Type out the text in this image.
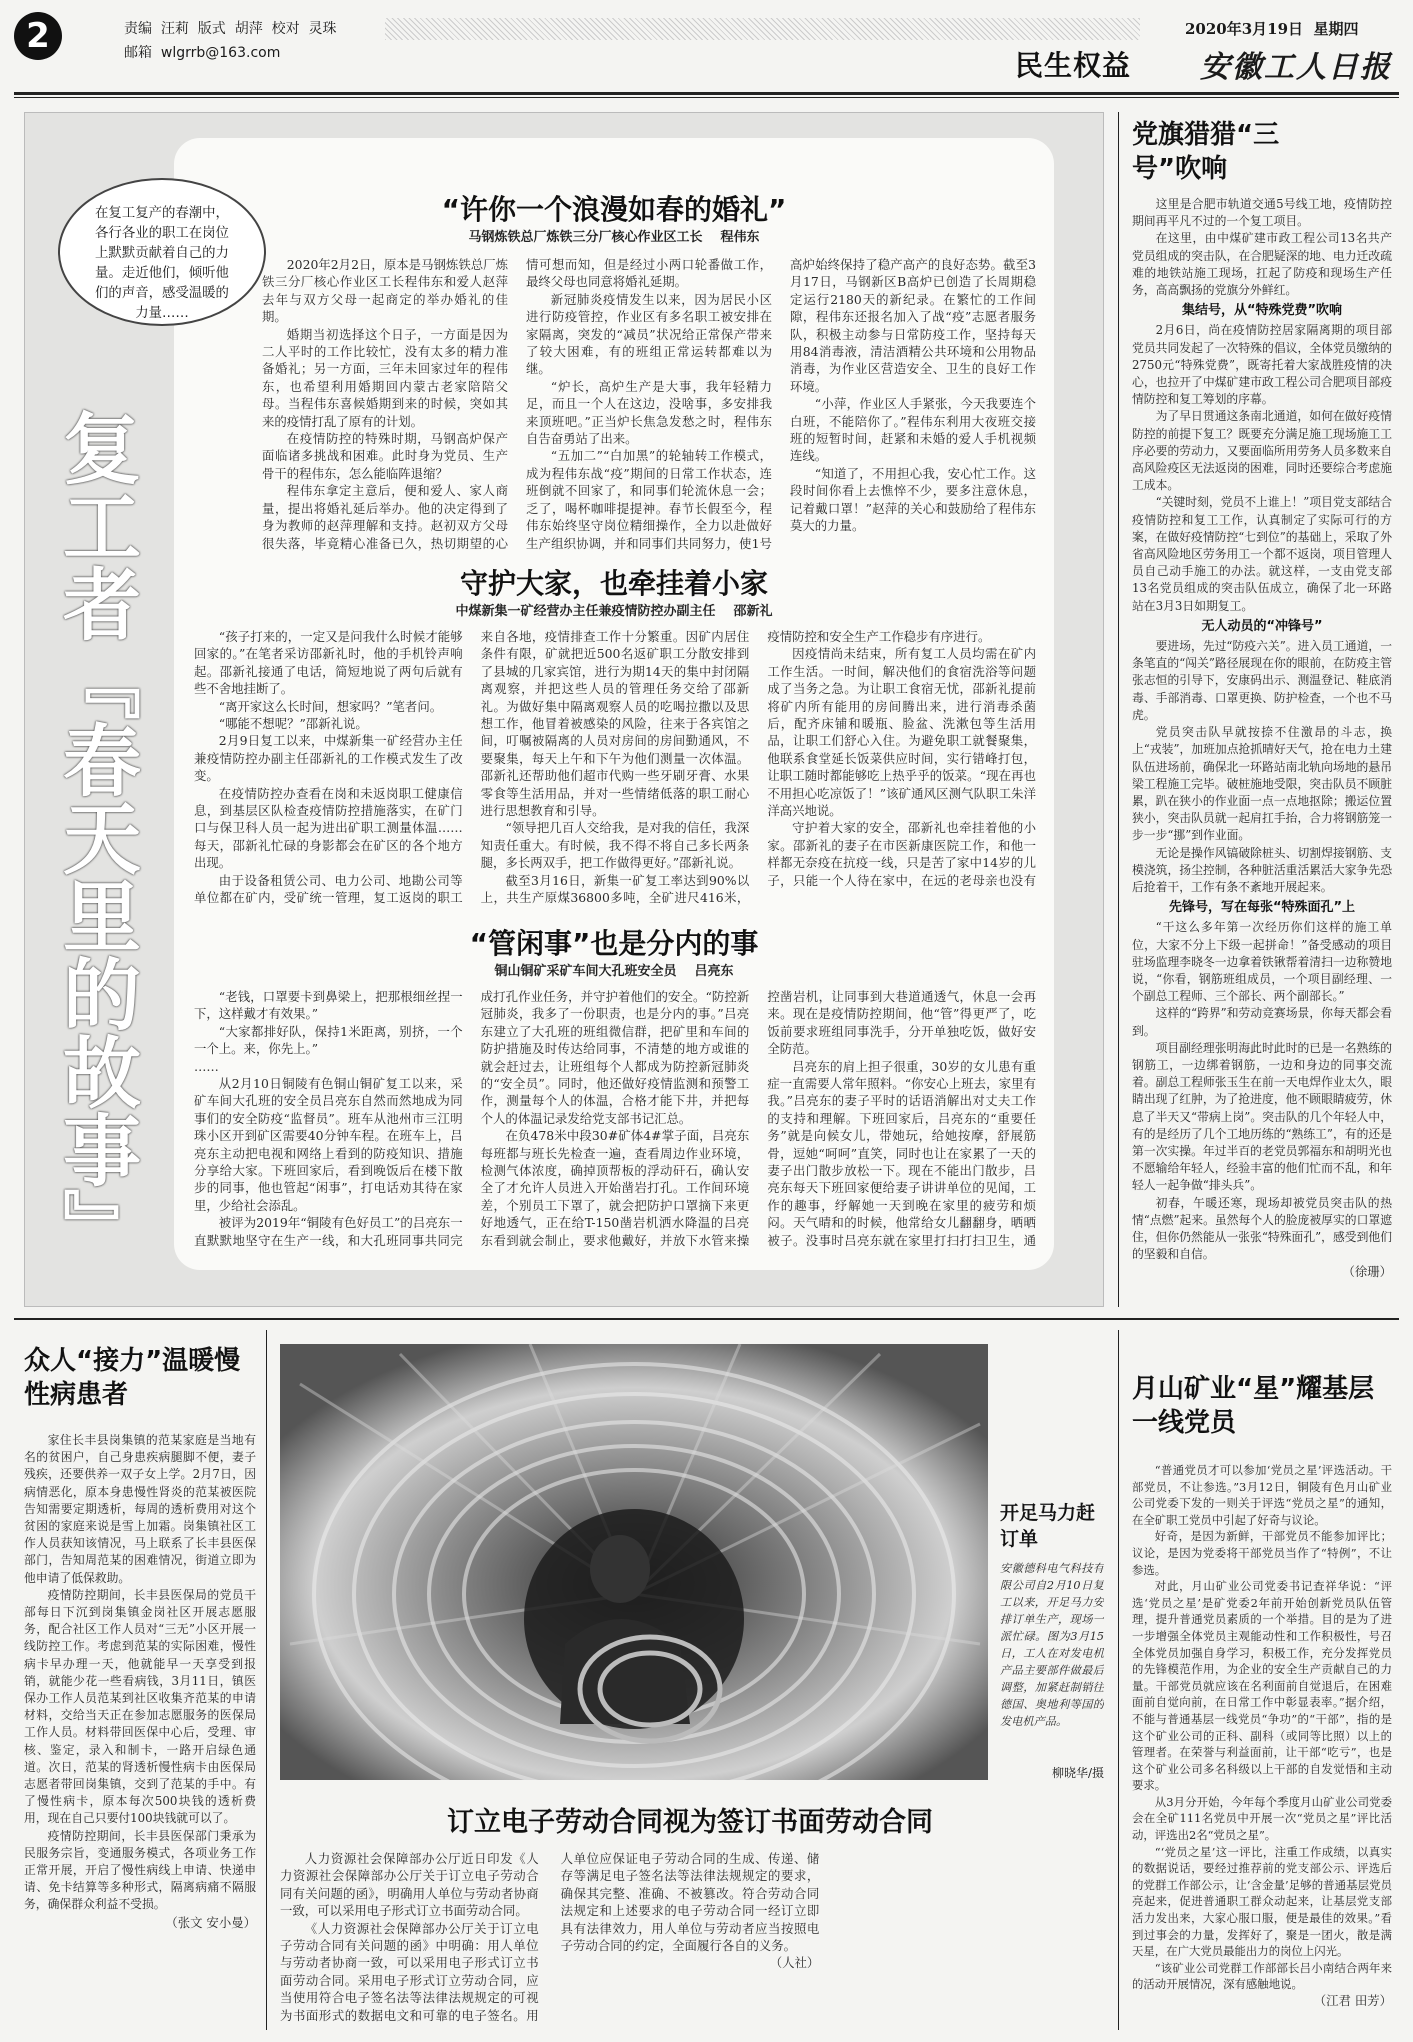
2	责编  汪莉  版式  胡萍  校对  灵珠
邮箱  wlgrrb@163.com
2020年3月19日  星期四
民生权益 安徽工人日报
在复工复产的春潮中，各行各业的职工在岗位上默默贡献着自己的力量。走近他们，倾听他们的声音，感受温暖的力量……
复工者『春天里的故事』
“许你一个浪漫如春的婚礼”
马钢炼铁总厂炼铁三分厂核心作业区工长    程伟东

2020年2月2日，原本是马钢炼铁总厂炼铁三分厂核心作业区工长程伟东和爱人赵萍去年与双方父母一起商定的举办婚礼的佳期。

婚期当初选择这个日子，一方面是因为二人平时的工作比较忙，没有太多的精力准备婚礼；另一方面，三年未回家过年的程伟东，也希望利用婚期回内蒙古老家陪陪父母。当程伟东喜候婚期到来的时候，突如其来的疫情打乱了原有的计划。

在疫情防控的特殊时期，马钢高炉保产面临诸多挑战和困难。此时身为党员、生产骨干的程伟东，怎么能临阵退缩？

程伟东拿定主意后，便和爱人、家人商量，提出将婚礼延后举办。他的决定得到了身为教师的赵萍理解和支持。赵初双方父母很失落，毕竟精心准备已久，热切期望的心情可想而知，但是经过小两口轮番做工作，最终父母也同意将婚礼延期。

新冠肺炎疫情发生以来，因为居民小区进行防疫管控，作业区有多名职工被安排在家隔离，突发的“减员”状况给正常保产带来了较大困难，有的班组正常运转都难以为继。

“炉长，高炉生产是大事，我年轻精力足，而且一个人在这边，没啥事，多安排我来顶班吧。”正当炉长焦急发愁之时，程伟东自告奋勇站了出来。

“五加二”“白加黑”的轮轴转工作模式，成为程伟东战“疫”期间的日常工作状态，连班倒就不回家了，和同事们轮流休息一会；乏了，喝杯咖啡提提神。春节长假至今，程伟东始终坚守岗位精细操作，全力以赴做好生产组织协调，并和同事们共同努力，使1号高炉始终保持了稳产高产的良好态势。截至3月17日，马钢新区B高炉已创造了长周期稳定运行2180天的新纪录。在繁忙的工作间隙，程伟东还报名加入了战“疫”志愿者服务队，积极主动参与日常防疫工作，坚持每天用84消毒液，清洁酒精公共环境和公用物品消毒，为作业区营造安全、卫生的良好工作环境。

“小萍，作业区人手紧张，今天我要连个白班，不能陪你了。”程伟东利用大夜班交接班的短暂时间，赶紧和未婚的爱人手机视频连线。

“知道了，不用担心我，安心忙工作。这段时间你看上去憔悴不少，要多注意休息，记着戴口罩！”赵萍的关心和鼓励给了程伟东莫大的力量。

守护大家，也牵挂着小家
中煤新集一矿经营办主任兼疫情防控办副主任    邵新礼

“孩子打来的，一定又是问我什么时候才能够回家的。”在笔者采访邵新礼时，他的手机铃声响起。邵新礼接通了电话，简短地说了两句后就有些不舍地挂断了。

“离开家这么长时间，想家吗？”笔者问。

“哪能不想呢？”邵新礼说。

2月9日复工以来，中煤新集一矿经营办主任兼疫情防控办副主任邵新礼的工作模式发生了改变。

在疫情防控办查看在岗和未返岗职工健康信息，到基层区队检查疫情防控措施落实，在矿门口与保卫科人员一起为进出矿职工测量体温……每天，邵新礼忙碌的身影都会在矿区的各个地方出现。

由于设备租赁公司、电力公司、地勘公司等单位都在矿内，受矿统一管理，复工返岗的职工来自各地，疫情排查工作十分繁重。因矿内居住条件有限，矿就把近500名返矿职工分散安排到了县城的几家宾馆，进行为期14天的集中封闭隔离观察，并把这些人员的管理任务交给了邵新礼。为做好集中隔离观察人员的吃喝拉撒以及思想工作，他冒着被感染的风险，往来于各宾馆之间，叮嘱被隔离的人员对房间的房间勤通风，不要聚集，每天上午和下午为他们测量一次体温。邵新礼还帮助他们超市代购一些牙刷牙膏、水果零食等生活用品，并对一些情绪低落的职工耐心进行思想教育和引导。

“领导把几百人交给我，是对我的信任，我深知责任重大。有时候，我不得不将自己多长两条腿，多长两双手，把工作做得更好。”邵新礼说。

截至3月16日，新集一矿复工率达到90%以上，共生产原煤36800多吨，全矿进尺416米，疫情防控和安全生产工作稳步有序进行。

因疫情尚未结束，所有复工人员均需在矿内工作生活。一时间，解决他们的食宿洗浴等问题成了当务之急。为让职工食宿无忧，邵新礼提前将矿内所有能用的房间腾出来，进行消毒杀菌后，配齐床铺和暖瓶、脸盆、洗漱包等生活用品，让职工们舒心入住。为避免职工就餐聚集，他联系食堂延长饭菜供应时间，实行错峰打包，让职工随时都能够吃上热乎乎的饭菜。“现在再也不用担心吃凉饭了！”该矿通风区测气队职工朱洋洋高兴地说。

守护着大家的安全，邵新礼也牵挂着他的小家。邵新礼的妻子在市医新康医院工作，和他一样都无奈疫在抗疫一线，只是苦了家中14岁的儿子，只能一个人待在家中，在远的老母亲也没有

“管闲事”也是分内的事
铜山铜矿采矿车间大孔班安全员    吕亮东

“老钱，口罩要卡到鼻梁上，把那根细丝捏一下，这样戴才有效果。”

“大家都排好队，保持1米距离，别挤，一个一个上。来，你先上。”

……

从2月10日铜陵有色铜山铜矿复工以来，采矿车间大孔班的安全员吕亮东自然而然地成为同事们的安全防疫“监督员”。班车从池州市三江明珠小区开到矿区需要40分钟车程。在班车上，吕亮东主动把电视和网络上看到的防疫知识、措施分享给大家。下班回家后，看到晚饭后在楼下散步的同事，他也管起“闲事”，打电话劝其待在家里，少给社会添乱。

被评为2019年“铜陵有色好员工”的吕亮东一直默默地坚守在生产一线，和大孔班同事共同完成打孔作业任务，并守护着他们的安全。“防控新冠肺炎，我多了一份职责，也是分内的事。”吕亮东建立了大孔班的班组微信群，把矿里和车间的防护措施及时传达给同事，不清楚的地方或谁的就会赶过去，让班组每个人都成为防控新冠肺炎的“安全员”。同时，他还做好疫情监测和预警工作，测量每个人的体温，合格才能下井，并把每个人的体温记录发给党支部书记汇总。

在负478米中段30#矿体4#掌子面，吕亮东每班都与班长先检查一遍，查看周边作业环境，检测气体浓度，确掉顶帮板的浮动矸石，确认安全了才允许人员进入开始凿岩打孔。工作间环境差，个别员工下罩了，就会把防护口罩摘下来更好地透气，正在给T-150凿岩机洒水降温的吕亮东看到就会制止，要求他戴好，并放下水管来操控凿岩机，让同事到大巷道通透气，休息一会再来。现在是疫情防控期间，他“管”得更严了，吃饭前要求班组同事洗手，分开单独吃饭，做好安全防范。

吕亮东的肩上担子很重，30岁的女儿患有重症一直需要人常年照料。“你安心上班去，家里有我。”吕亮东的妻子平时的话语消解出对丈夫工作的支持和理解。下班回家后，吕亮东的“重要任务”就是向候女儿，带她玩，给她按摩，舒展筋骨，逗她“呵呵”直笑，同时也让在家累了一天的妻子出门散步放松一下。现在不能出门散步，吕亮东每天下班回家便给妻子讲讲单位的见闻，工作的趣事，纾解她一天到晚在家里的疲劳和烦闷。天气晴和的时候，他常给女儿翻翻身，晒晒被子。没事时吕亮东就在家里打扫打扫卫生，通

党旗猎猎“三号”吹响

这里是合肥市轨道交通5号线工地，疫情防控期间再平凡不过的一个复工项目。

在这里，由中煤矿建市政工程公司13名共产党员组成的突击队，在合肥疑深的地、电力迁改疏难的地铁站施工现场，扛起了防疫和现场生产任务，高高飘扬的党旗分外鲜红。

集结号，从“特殊党费”吹响

2月6日，尚在疫情防控居家隔离期的项目部党员共同发起了一次特殊的倡议，全体党员缴纳的2750元“特殊党费”，既寄托着大家战胜疫情的决心，也拉开了中煤矿建市政工程公司合肥项目部疫情防控和复工筹划的序幕。

为了早日贯通这条南北通道，如何在做好疫情防控的前提下复工？既要充分满足施工现场施工工序必要的劳动力，又要面临所用劳务人员多数来自高风险疫区无法返岗的困难，同时还要综合考虑施工成本。

“关键时刻，党员不上谁上！”项目党支部结合疫情防控和复工工作，认真制定了实际可行的方案，在做好疫情防控“七到位”的基础上，采取了外省高风险地区劳务用工一个都不返岗，项目管理人员自己动手施工的办法。就这样，一支由党支部13名党员组成的突击队伍成立，确保了北一环路站在3月3日如期复工。

无人动员的“冲锋号”

要进场，先过“防疫六关”。进入员工通道，一条笔直的“闯关”路径展现在你的眼前，在防疫主管张志恒的引导下，安康码出示、测温登记、鞋底消毒、手部消毒、口罩更换、防护检查，一个也不马虎。

党员突击队早就按捺不住激昂的斗志，换上“戎装”，加班加点抢抓晴好天气，抢在电力土建队伍进场前，确保北一环路站南北轨向场地的悬吊梁工程施工完毕。破桩施地受限，突击队员不顾脏累，趴在狭小的作业面一点一点地抠除；搬运位置狭小，突击队员就一起肩扛手抬，合力将钢筋笼一步一步“挪”到作业面。

无论是操作风镐破除桩头、切割焊接钢筋、支模浇筑，扬尘控制，各种脏活重活累活大家争先恐后抢着干，工作有条不紊地开展起来。

先锋号，写在每张“特殊面孔”上

“干这么多年第一次经历你们这样的施工单位，大家不分上下级一起拼命！”备受感动的项目驻场监理李晓冬一边拿着铁锹帮着清扫一边称赞地说，“你看，钢筋班组成员，一个项目副经理、一个副总工程师、三个部长、两个副部长。”

这样的“跨界”和劳动竞赛场景，你每天都会看到。

项目副经理张明海此时此时的已是一名熟练的钢筋工，一边绑着钢筋，一边和身边的同事交流着。副总工程师张玉生在前一天电焊作业太久，眼睛出现了红肿，为了抢进度，他不顾眼睛疲劳，休息了半天又“带病上岗”。突击队的几个年轻人中，有的是经历了几个工地历练的“熟练工”，有的还是第一次实操。年过半百的老党员郭福东和胡明光也不愿输给年轻人，经验丰富的他们忙而不乱，和年轻人一起争做“排头兵”。

初春，午暖还寒，现场却被党员突击队的热情“点燃”起来。虽然每个人的脸庞被厚实的口罩遮住，但你仍然能从一张张“特殊面孔”，感受到他们的坚毅和自信。

（徐珊）
众人“接力”温暖慢性病患者

家住长丰县岗集镇的范某家庭是当地有名的贫困户，自己身患疾病腿脚不便，妻子残疾，还要供养一双子女上学。2月7日，因病情恶化，原本身患慢性肾炎的范某被医院告知需要定期透析，每周的透析费用对这个贫困的家庭来说是雪上加霜。岗集镇社区工作人员获知该情况，马上联系了长丰县医保部门，告知周范某的困难情况，街道立即为他申请了低保救助。

疫情防控期间，长丰县医保局的党员干部每日下沉到岗集镇金岗社区开展志愿服务，配合社区工作人员对“三无”小区开展一线防控工作。考虑到范某的实际困难，慢性病卡早办理一天，他就能早一天享受到报销，就能少花一些看病钱，3月11日，镇医保办工作人员范某到社区收集齐范某的申请材料，交给当天正在参加志愿服务的医保局工作人员。材料带回医保中心后，受理、审核、鉴定，录入和制卡，一路开启绿色通道。次日，范某的肾透析慢性病卡由医保局志愿者带回岗集镇，交到了范某的手中。有了慢性病卡，原本每次500块钱的透析费用，现在自己只要付100块钱就可以了。

疫情防控期间，长丰县医保部门秉承为民服务宗旨，变通服务模式，各项业务工作正常开展，开启了慢性病线上申请、快递申请、免卡结算等多种形式，隔离病痛不隔服务，确保群众利益不受损。

（张文 安小曼）
开足马力赶订单
安徽德科电气科技有限公司自2月10日复工以来，开足马力安排订单生产，现场一派忙碌。图为3月15日，工人在对发电机产品主要部件做最后调整，加紧赶制销往德国、奥地利等国的发电机产品。
柳晓华/摄
订立电子劳动合同视为签订书面劳动合同

人力资源社会保障部办公厅近日印发《人力资源社会保障部办公厅关于订立电子劳动合同有关问题的函》，明确用人单位与劳动者协商一致，可以采用电子形式订立书面劳动合同。

《人力资源社会保障部办公厅关于订立电子劳动合同有关问题的函》中明确：用人单位与劳动者协商一致，可以采用电子形式订立书面劳动合同。采用电子形式订立劳动合同，应当使用符合电子签名法等法律法规规定的可视为书面形式的数据电文和可靠的电子签名。用人单位应保证电子劳动合同的生成、传递、储存等满足电子签名法等法律法规规定的要求，确保其完整、准确、不被篡改。符合劳动合同法规定和上述要求的电子劳动合同一经订立即具有法律效力，用人单位与劳动者应当按照电子劳动合同的约定，全面履行各自的义务。

（人社）
月山矿业“星”耀基层一线党员

“普通党员才可以参加‘党员之星’评选活动。干部党员，不让参选。”3月12日，铜陵有色月山矿业公司党委下发的一则关于评选“党员之星”的通知，在全矿职工党员中引起了好奇与议论。

好奇，是因为新鲜，干部党员不能参加评比；议论，是因为党委将干部党员当作了“特例”，不让参选。

对此，月山矿业公司党委书记查祥华说：“评选‘党员之星’是矿党委2年前开始创新党员队伍管理，提升普通党员素质的一个举措。目的是为了进一步增强全体党员主观能动性和工作积极性，号召全体党员加强自身学习，积极工作，充分发挥党员的先锋模范作用，为企业的安全生产贡献自己的力量。干部党员就应该在名利面前自觉退后，在困难面前自觉向前，在日常工作中彰显表率。”据介绍，不能与普通基层一线党员“争功”的“干部”，指的是这个矿业公司的正科、副科（或同等比照）以上的管理者。在荣誉与利益面前，让干部“吃亏”，也是这个矿业公司多名科级以上干部的自发觉悟和主动要求。

从3月分开始，今年每个季度月山矿业公司党委会在全矿111名党员中开展一次“党员之星”评比活动，评选出2名“党员之星”。

“‘党员之星’这一评比，注重工作成绩，以真实的数据说话，要经过推荐前的党支部公示、评选后的党群工作部公示，让‘含金量’足够的普通基层党员亮起来，促进普通职工群众动起来，让基层党支部活力发出来，大家心服口服，便是最佳的效果。”看到过事会的力量，发挥好了，聚是一团火，散是满天星，在广大党员最能出力的岗位上闪光。

“该矿业公司党群工作部部长吕小南结合两年来的活动开展情况，深有感触地说。

（江君 田芳）
